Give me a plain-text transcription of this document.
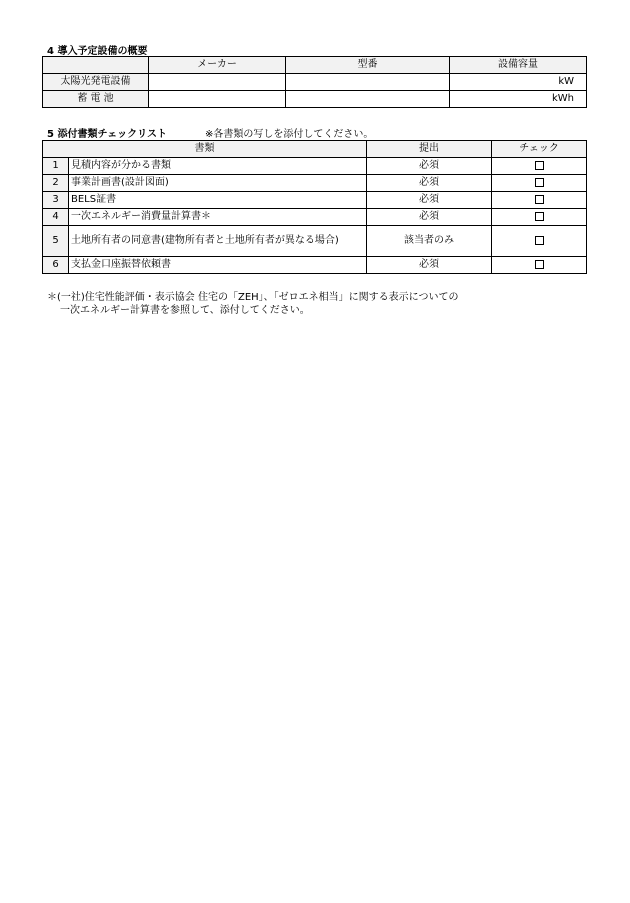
4 導入予定設備の概要
	メーカー	型番	設備容量
太陽光発電設備			kW
蓄 電 池			kWh
5 添付書類チェックリスト	※各書類の写しを添付してください。
書類		提出	チェック
1	見積内容が分かる書類	必須	
2	事業計画書(設計図面)	必須	
3	BELS証書	必須	
4	一次エネルギー消費量計算書＊	必須	
5	土地所有者の同意書(建物所有者と土地所有者が異なる場合)	該当者のみ	
6	支払金口座振替依頼書	必須	
＊(一社)住宅性能評価・表示協会 住宅の「ZEH」、「ゼロエネ相当」に関する表示についての
一次エネルギー計算書を参照して、添付してください。
